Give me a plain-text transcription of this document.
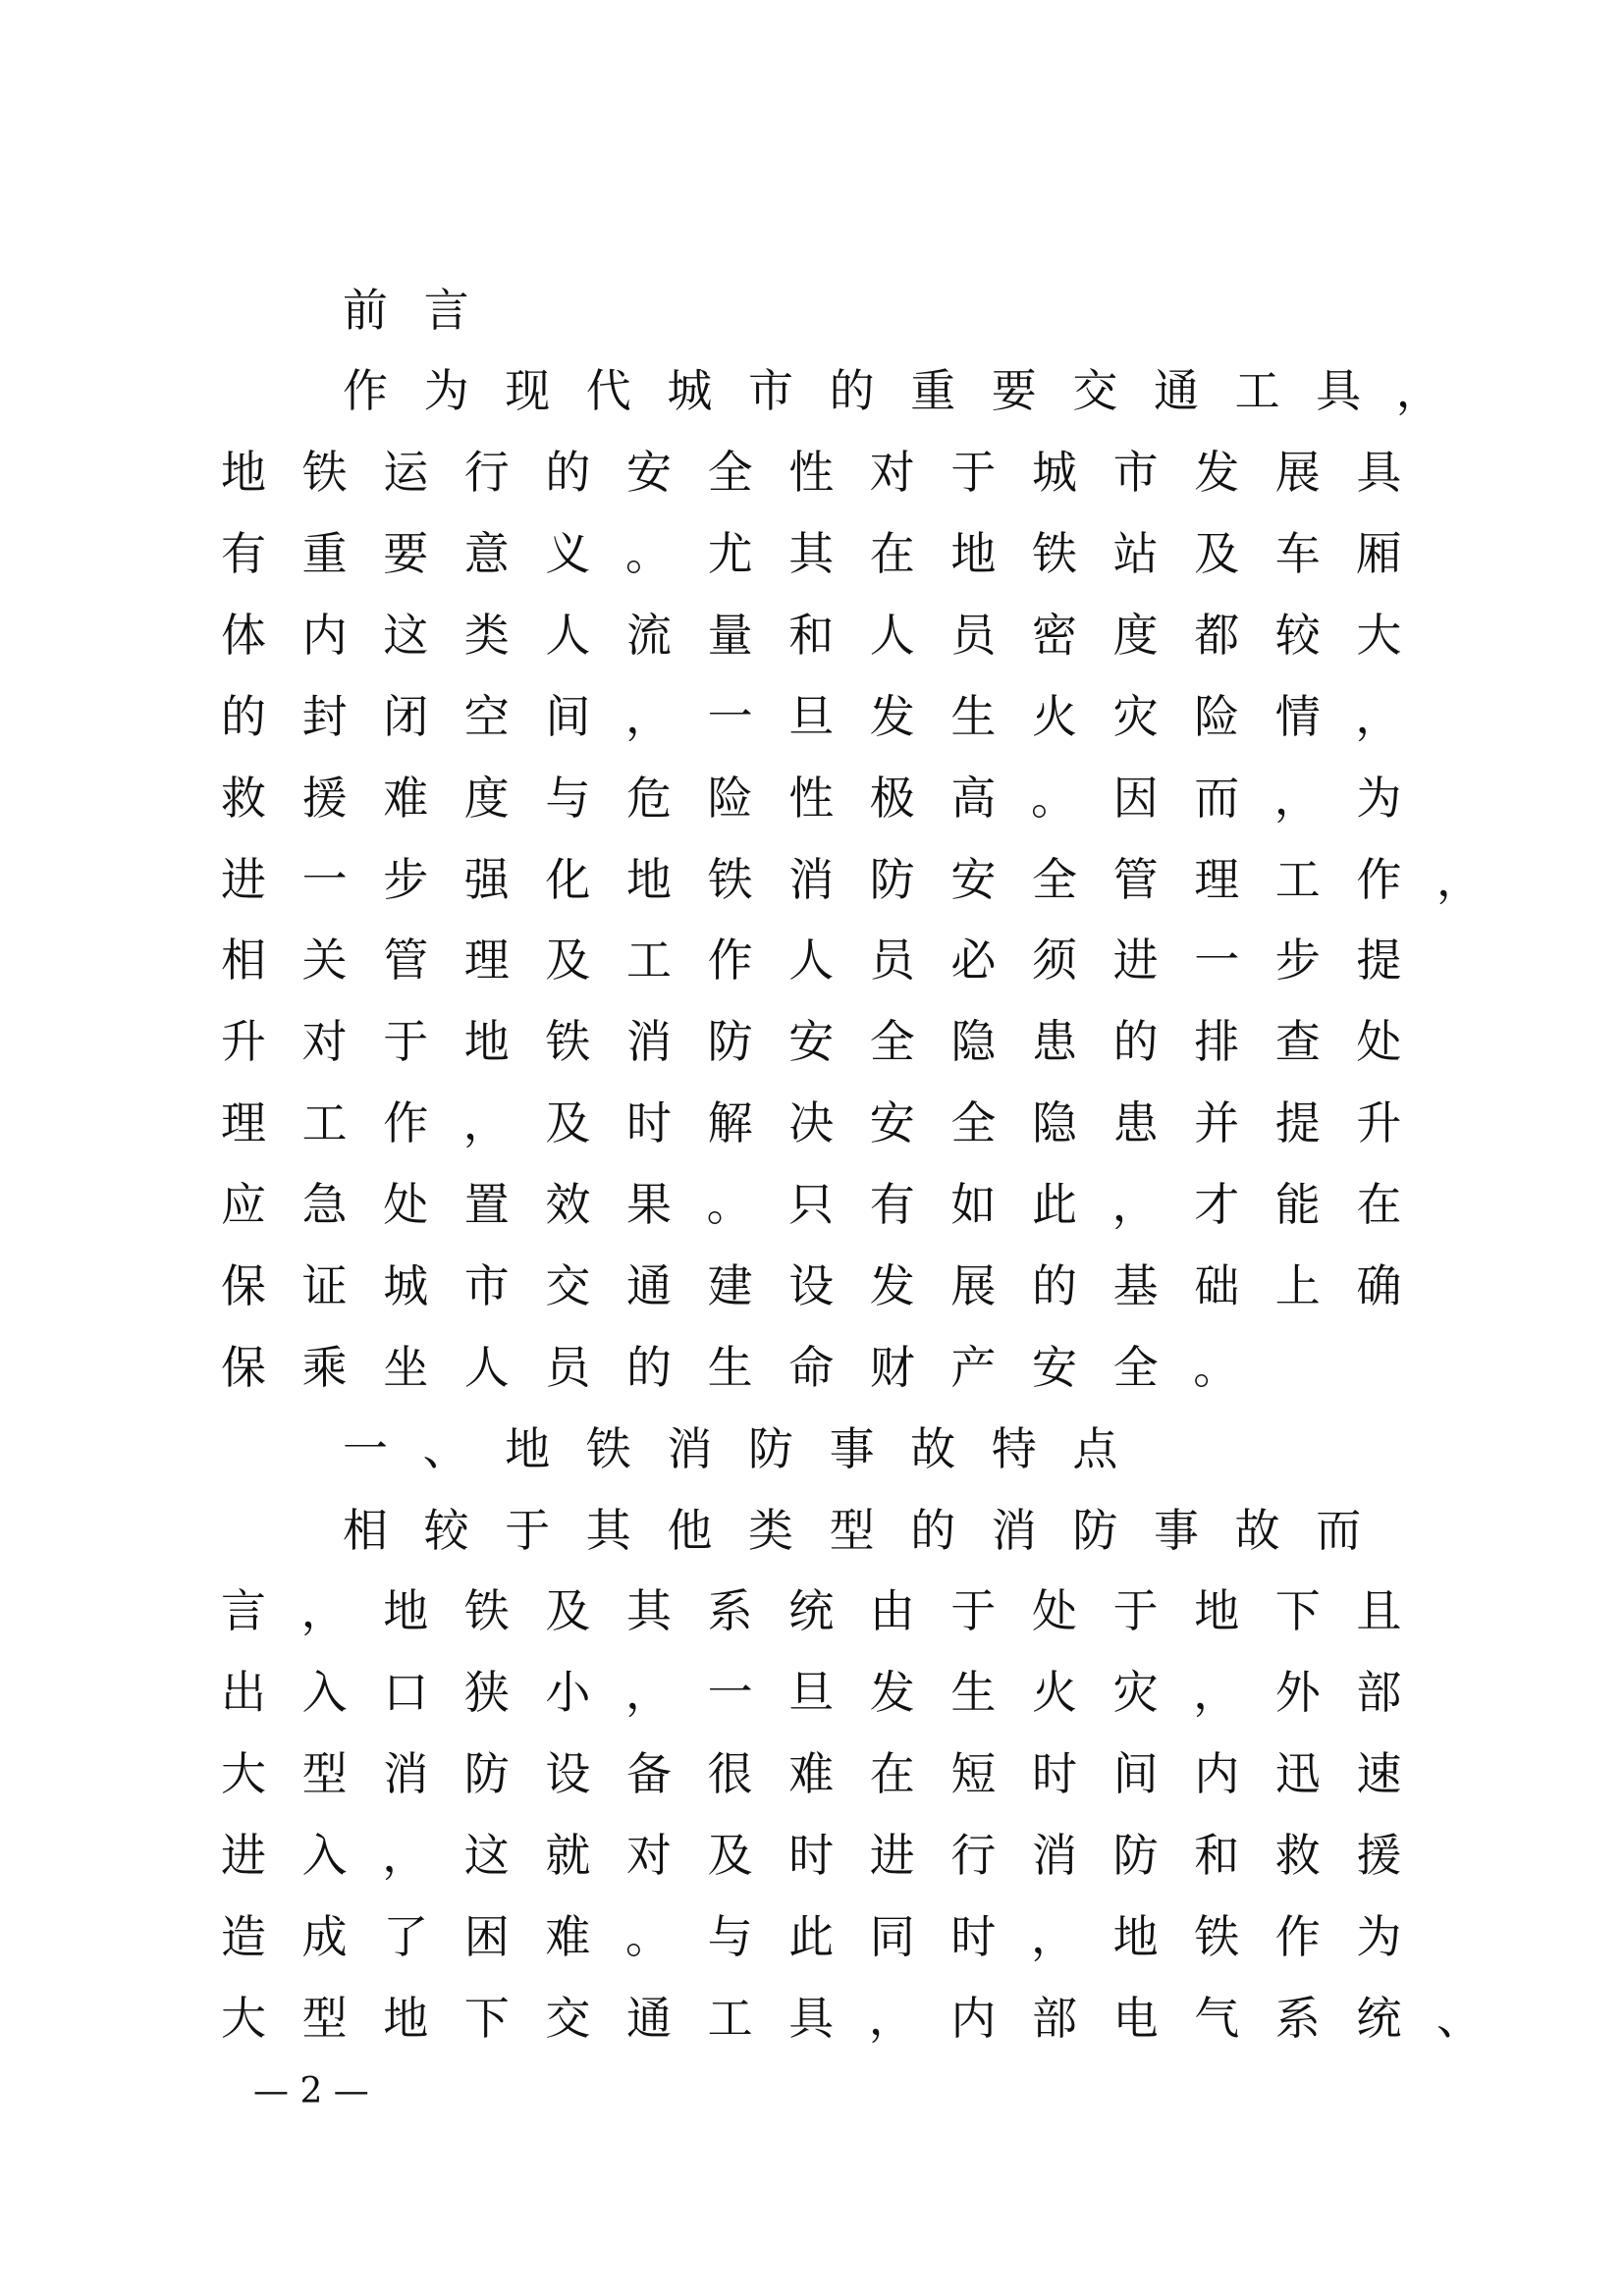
前 言

作 为 现 代 城 市 的 重 要 交 通 工 具 ，

地 铁 运 行 的 安 全 性 对 于 城 市 发 展 具

有 重 要 意 义 。 尤 其 在 地 铁 站 及 车 厢

体 内 这 类 人 流 量 和 人 员 密 度 都 较 大

的 封 闭 空 间 ， 一 旦 发 生 火 灾 险 情 ，

救 援 难 度 与 危 险 性 极 高 。 因 而 ， 为

进 一 步 强 化 地 铁 消 防 安 全 管 理 工 作 ，

相 关 管 理 及 工 作 人 员 必 须 进 一 步 提

升 对 于 地 铁 消 防 安 全 隐 患 的 排 查 处

理 工 作 ， 及 时 解 决 安 全 隐 患 并 提 升

应 急 处 置 效 果 。 只 有 如 此 ， 才 能 在

保 证 城 市 交 通 建 设 发 展 的 基 础 上 确

保 乘 坐 人 员 的 生 命 财 产 安 全 。

一 、 地 铁 消 防 事 故 特 点

相 较 于 其 他 类 型 的 消 防 事 故 而

言 ， 地 铁 及 其 系 统 由 于 处 于 地 下 且

出 入 口 狭 小 ， 一 旦 发 生 火 灾 ， 外 部

大 型 消 防 设 备 很 难 在 短 时 间 内 迅 速

进 入 ， 这 就 对 及 时 进 行 消 防 和 救 援

造 成 了 困 难 。 与 此 同 时 ， 地 铁 作 为

大 型 地 下 交 通 工 具 ， 内 部 电 气 系 统 、

— 2 —
